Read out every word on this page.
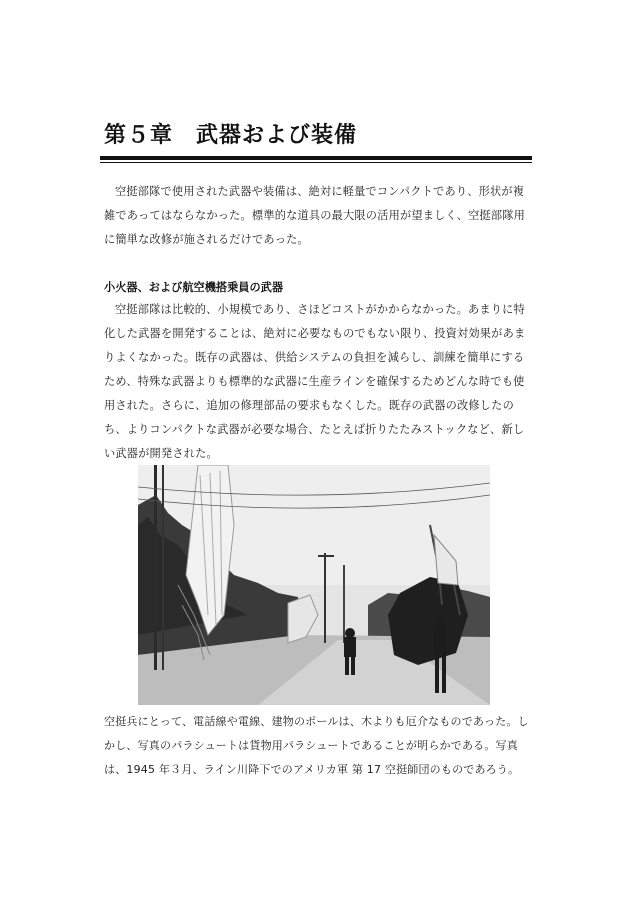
第５章　武器および装備

空挺部隊で使用された武器や装備は、絶対に軽量でコンパクトであり、形状が複雑であってはならなかった。標準的な道具の最大限の活用が望ましく、空挺部隊用に簡単な改修が施されるだけであった。

小火器、および航空機搭乗員の武器

空挺部隊は比較的、小規模であり、さほどコストがかからなかった。あまりに特化した武器を開発することは、絶対に必要なものでもない限り、投資対効果があまりよくなかった。既存の武器は、供給システムの負担を減らし、訓練を簡単にするため、特殊な武器よりも標準的な武器に生産ラインを確保するためどんな時でも使用された。さらに、追加の修理部品の要求もなくした。既存の武器の改修したのち、よりコンパクトな武器が必要な場合、たとえば折りたたみストックなど、新しい武器が開発された。

空挺兵にとって、電話線や電線、建物のポールは、木よりも厄介なものであった。しかし、写真のパラシュートは貨物用パラシュートであることが明らかである。写真は、1945 年３月、ライン川降下でのアメリカ軍 第 17 空挺師団のものであろう。
